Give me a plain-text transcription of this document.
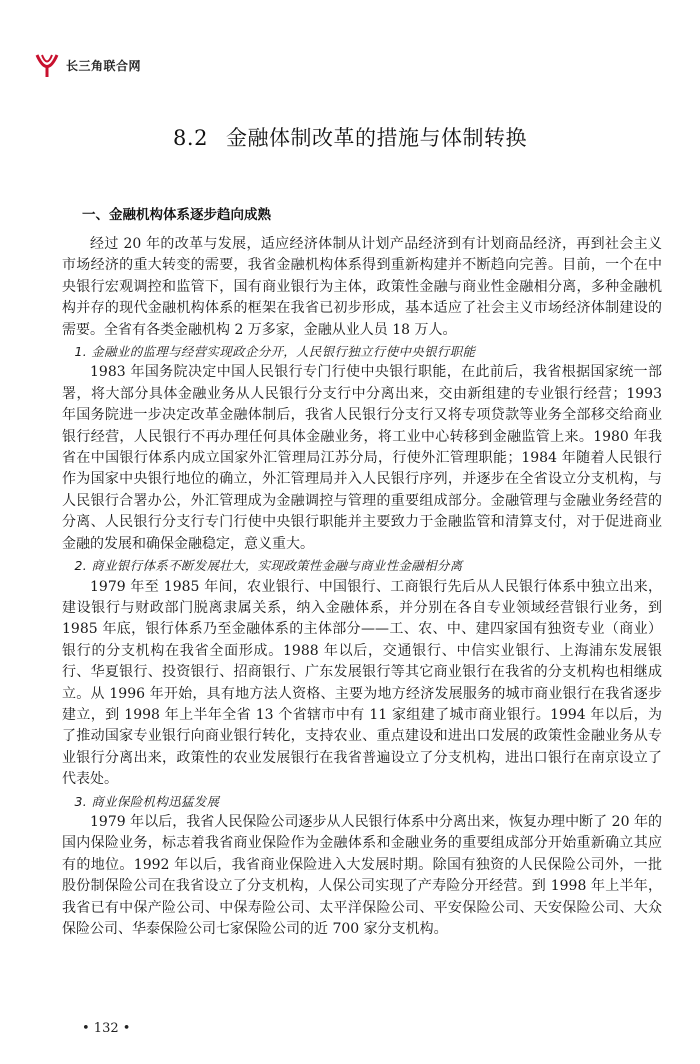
长三角联合网
8.2 金融体制改革的措施与体制转换
一、金融机构体系逐步趋向成熟

经过 20 年的改革与发展，适应经济体制从计划产品经济到有计划商品经济，再到社会主义市场经济的重大转变的需要，我省金融机构体系得到重新构建并不断趋向完善。目前，一个在中央银行宏观调控和监管下，国有商业银行为主体，政策性金融与商业性金融相分离，多种金融机构并存的现代金融机构体系的框架在我省已初步形成，基本适应了社会主义市场经济体制建设的需要。全省有各类金融机构 2 万多家，金融从业人员 18 万人。

1. 金融业的监理与经营实现政企分开，人民银行独立行使中央银行职能

1983 年国务院决定中国人民银行专门行使中央银行职能，在此前后，我省根据国家统一部署，将大部分具体金融业务从人民银行分支行中分离出来，交由新组建的专业银行经营；1993 年国务院进一步决定改革金融体制后，我省人民银行分支行又将专项贷款等业务全部移交给商业银行经营，人民银行不再办理任何具体金融业务，将工业中心转移到金融监管上来。1980 年我省在中国银行体系内成立国家外汇管理局江苏分局，行使外汇管理职能；1984 年随着人民银行作为国家中央银行地位的确立，外汇管理局并入人民银行序列，并逐步在全省设立分支机构，与人民银行合署办公，外汇管理成为金融调控与管理的重要组成部分。金融管理与金融业务经营的分离、人民银行分支行专门行使中央银行职能并主要致力于金融监管和清算支付，对于促进商业金融的发展和确保金融稳定，意义重大。

2. 商业银行体系不断发展壮大，实现政策性金融与商业性金融相分离

1979 年至 1985 年间，农业银行、中国银行、工商银行先后从人民银行体系中独立出来，建设银行与财政部门脱离隶属关系，纳入金融体系，并分别在各自专业领域经营银行业务，到 1985 年底，银行体系乃至金融体系的主体部分——工、农、中、建四家国有独资专业（商业）银行的分支机构在我省全面形成。1988 年以后，交通银行、中信实业银行、上海浦东发展银行、华夏银行、投资银行、招商银行、广东发展银行等其它商业银行在我省的分支机构也相继成立。从 1996 年开始，具有地方法人资格、主要为地方经济发展服务的城市商业银行在我省逐步建立，到 1998 年上半年全省 13 个省辖市中有 11 家组建了城市商业银行。1994 年以后，为了推动国家专业银行向商业银行转化，支持农业、重点建设和进出口发展的政策性金融业务从专业银行分离出来，政策性的农业发展银行在我省普遍设立了分支机构，进出口银行在南京设立了代表处。

3. 商业保险机构迅猛发展

1979 年以后，我省人民保险公司逐步从人民银行体系中分离出来，恢复办理中断了 20 年的国内保险业务，标志着我省商业保险作为金融体系和金融业务的重要组成部分开始重新确立其应有的地位。1992 年以后，我省商业保险进入大发展时期。除国有独资的人民保险公司外，一批股份制保险公司在我省设立了分支机构，人保公司实现了产寿险分开经营。到 1998 年上半年，我省已有中保产险公司、中保寿险公司、太平洋保险公司、平安保险公司、天安保险公司、大众保险公司、华泰保险公司七家保险公司的近 700 家分支机构。

• 132 •
